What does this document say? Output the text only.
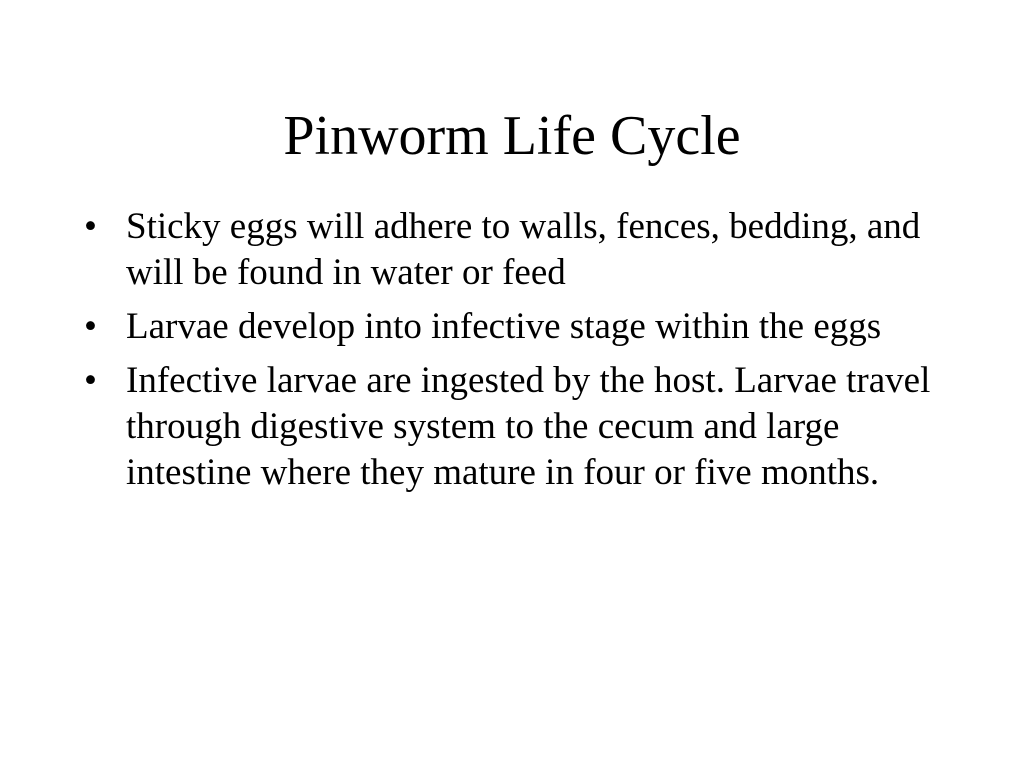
Pinworm Life Cycle
• Sticky eggs will adhere to walls, fences, bedding, and will be found in water or feed
• Larvae develop into infective stage within the eggs
• Infective larvae are ingested by the host. Larvae travel through digestive system to the cecum and large intestine where they mature in four or five months.
